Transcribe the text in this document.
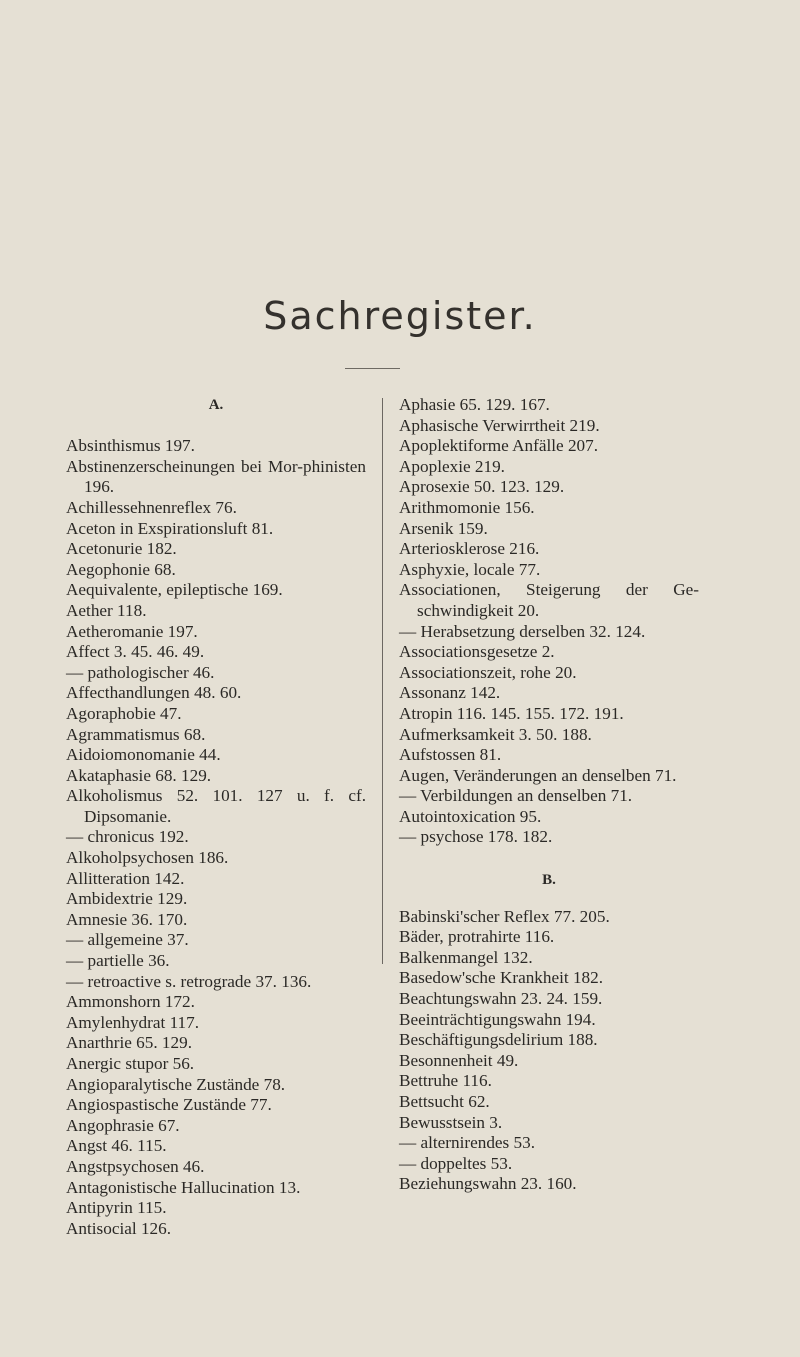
Sachregister.
A.
Absinthismus 197.
Abstinenzerscheinungen bei Mor-phinisten 196.
Achillessehnenreflex 76.
Aceton in Exspirationsluft 81.
Acetonurie 182.
Aegophonie 68.
Aequivalente, epileptische 169.
Aether 118.
Aetheromanie 197.
Affect 3. 45. 46. 49.
— pathologischer 46.
Affecthandlungen 48. 60.
Agoraphobie 47.
Agrammatismus 68.
Aidoiomonomanie 44.
Akataphasie 68. 129.
Alkoholismus 52. 101. 127 u. f. cf. Dipsomanie.
— chronicus 192.
Alkoholpsychosen 186.
Allitteration 142.
Ambidextrie 129.
Amnesie 36. 170.
— allgemeine 37.
— partielle 36.
— retroactive s. retrograde 37. 136.
Ammonshorn 172.
Amylenhydrat 117.
Anarthrie 65. 129.
Anergic stupor 56.
Angioparalytische Zustände 78.
Angiospastische Zustände 77.
Angophrasie 67.
Angst 46. 115.
Angstpsychosen 46.
Antagonistische Hallucination 13.
Antipyrin 115.
Antisocial 126.
Aphasie 65. 129. 167.
Aphasische Verwirrtheit 219.
Apoplektiforme Anfälle 207.
Apoplexie 219.
Aprosexie 50. 123. 129.
Arithmomonie 156.
Arsenik 159.
Arteriosklerose 216.
Asphyxie, locale 77.
Associationen, Steigerung der Ge-schwindigkeit 20.
— Herabsetzung derselben 32. 124.
Associationsgesetze 2.
Associationszeit, rohe 20.
Assonanz 142.
Atropin 116. 145. 155. 172. 191.
Aufmerksamkeit 3. 50. 188.
Aufstossen 81.
Augen, Veränderungen an denselben 71.
— Verbildungen an denselben 71.
Autointoxication 95.
— psychose 178. 182.
B.
Babinski'scher Reflex 77. 205.
Bäder, protrahirte 116.
Balkenmangel 132.
Basedow'sche Krankheit 182.
Beachtungswahn 23. 24. 159.
Beeinträchtigungswahn 194.
Beschäftigungsdelirium 188.
Besonnenheit 49.
Bettruhe 116.
Bettsucht 62.
Bewusstsein 3.
— alternirendes 53.
— doppeltes 53.
Beziehungswahn 23. 160.
